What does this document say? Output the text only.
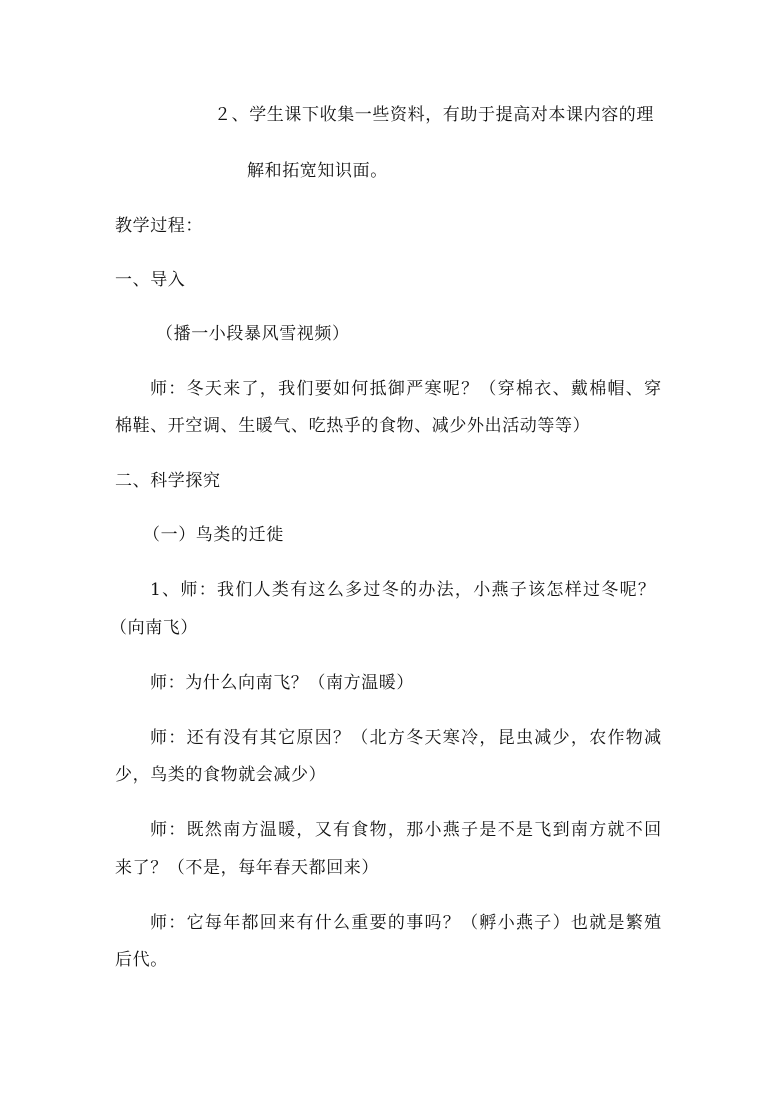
２、学生课下收集一些资料，有助于提高对本课内容的理

解和拓宽知识面。

教学过程：

一、导入

（播一小段暴风雪视频）

师：冬天来了，我们要如何抵御严寒呢？（穿棉衣、戴棉帽、穿

棉鞋、开空调、生暖气、吃热乎的食物、减少外出活动等等）

二、科学探究

（一）鸟类的迁徙

1、师：我们人类有这么多过冬的办法，小燕子该怎样过冬呢？

（向南飞）

师：为什么向南飞？（南方温暖）

师：还有没有其它原因？（北方冬天寒冷，昆虫减少，农作物减

少，鸟类的食物就会减少）

师：既然南方温暖，又有食物，那小燕子是不是飞到南方就不回

来了？（不是，每年春天都回来）

师：它每年都回来有什么重要的事吗？（孵小燕子）也就是繁殖

后代。
